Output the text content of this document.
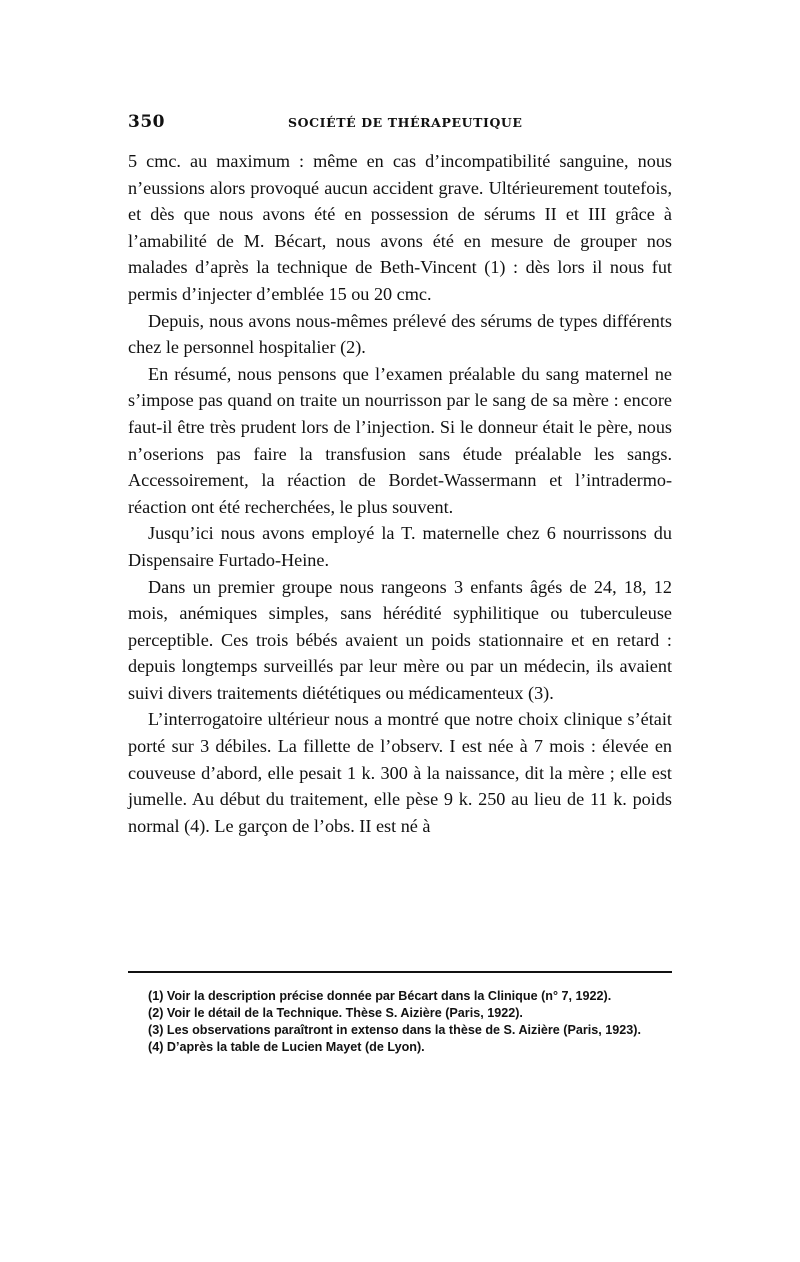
350	SOCIÉTÉ DE THÉRAPEUTIQUE

5 cmc. au maximum : même en cas d’incompatibilité sanguine, nous n’eussions alors provoqué aucun accident grave. Ultérieurement toutefois, et dès que nous avons été en possession de sérums II et III grâce à l’amabilité de M. Bécart, nous avons été en mesure de grouper nos malades d’après la technique de Beth-Vincent (1) : dès lors il nous fut permis d’injecter d’emblée 15 ou 20 cmc.

Depuis, nous avons nous-mêmes prélevé des sérums de types différents chez le personnel hospitalier (2).

En résumé, nous pensons que l’examen préalable du sang maternel ne s’impose pas quand on traite un nourrisson par le sang de sa mère : encore faut-il être très prudent lors de l’injection. Si le donneur était le père, nous n’oserions pas faire la transfusion sans étude préalable les sangs. Accessoirement, la réaction de Bordet-Wassermann et l’intradermo-réaction ont été recherchées, le plus souvent.

Jusqu’ici nous avons employé la T. maternelle chez 6 nourrissons du Dispensaire Furtado-Heine.

Dans un premier groupe nous rangeons 3 enfants âgés de 24, 18, 12 mois, anémiques simples, sans hérédité syphilitique ou tuberculeuse perceptible. Ces trois bébés avaient un poids stationnaire et en retard : depuis longtemps surveillés par leur mère ou par un médecin, ils avaient suivi divers traitements diététiques ou médicamenteux (3).

L’interrogatoire ultérieur nous a montré que notre choix clinique s’était porté sur 3 débiles. La fillette de l’observ. I est née à 7 mois : élevée en couveuse d’abord, elle pesait 1 k. 300 à la naissance, dit la mère ; elle est jumelle. Au début du traitement, elle pèse 9 k. 250 au lieu de 11 k. poids normal (4). Le garçon de l’obs. II est né à

(1) Voir la description précise donnée par Bécart dans la Clinique (n° 7, 1922).

(2) Voir le détail de la Technique. Thèse S. Aizière (Paris, 1922).

(3) Les observations paraîtront in extenso dans la thèse de S. Aizière (Paris, 1923).

(4) D’après la table de Lucien Mayet (de Lyon).
